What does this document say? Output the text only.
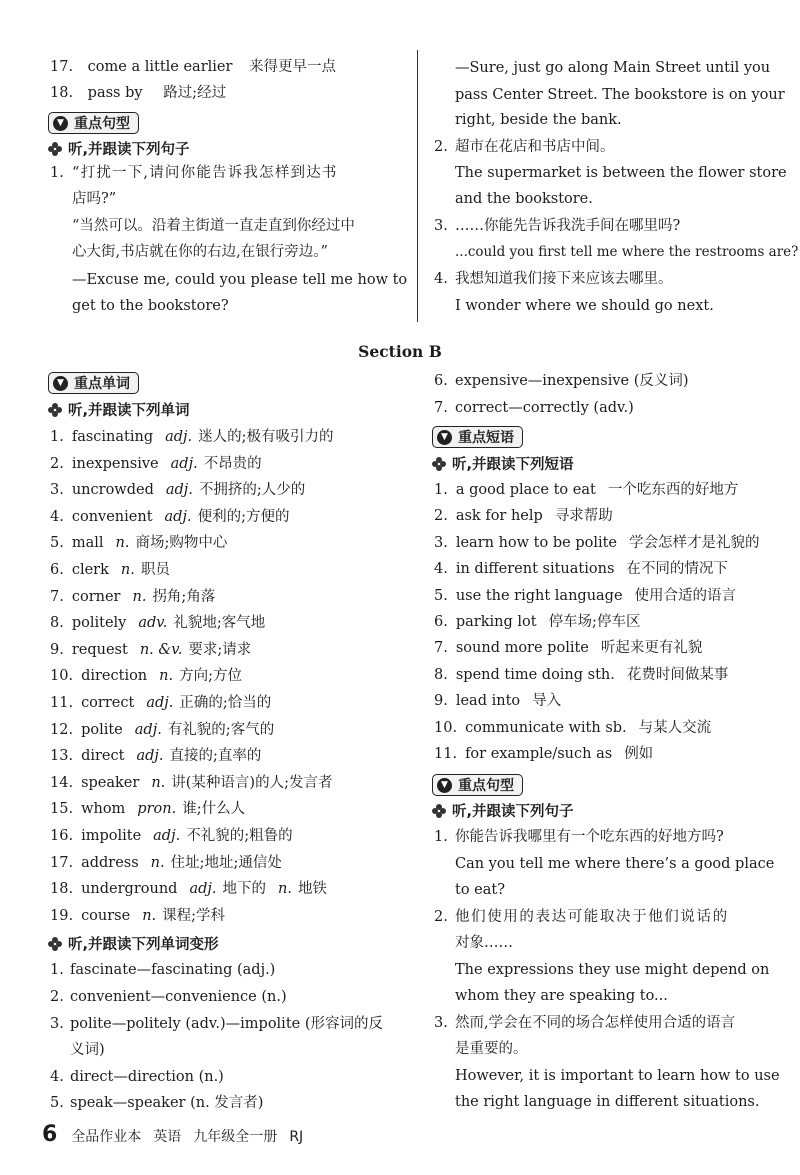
17. come a little earlier 来得更早一点
18. pass by 路过;经过
▼ 重点句型
听,并跟读下列句子
1. “打扰一下,请问你能告诉我怎样到达书
店吗?”
“当然可以。沿着主街道一直走直到你经过中
心大街,书店就在你的右边,在银行旁边。”
—Excuse me, could you please tell me how to
get to the bookstore?
—Sure, just go along Main Street until you
pass Center Street. The bookstore is on your
right, beside the bank.
2. 超市在花店和书店中间。
The supermarket is between the flower store
and the bookstore.
3. ……你能先告诉我洗手间在哪里吗?
...could you first tell me where the restrooms are?
4. 我想知道我们接下来应该去哪里。
I wonder where we should go next.
Section B
▼ 重点单词
听,并跟读下列单词
1. fascinating adj. 迷人的;极有吸引力的
2. inexpensive adj. 不昂贵的
3. uncrowded adj. 不拥挤的;人少的
4. convenient adj. 便利的;方便的
5. mall n. 商场;购物中心
6. clerk n. 职员
7. corner n. 拐角;角落
8. politely adv. 礼貌地;客气地
9. request n. &v. 要求;请求
10. direction n. 方向;方位
11. correct adj. 正确的;恰当的
12. polite adj. 有礼貌的;客气的
13. direct adj. 直接的;直率的
14. speaker n. 讲(某种语言)的人;发言者
15. whom pron. 谁;什么人
16. impolite adj. 不礼貌的;粗鲁的
17. address n. 住址;地址;通信处
18. underground adj. 地下的 n. 地铁
19. course n. 课程;学科
听,并跟读下列单词变形
1. fascinate—fascinating (adj.)
2. convenient—convenience (n.)
3. polite—politely (adv.)—impolite (形容词的反
义词)
4. direct—direction (n.)
5. speak—speaker (n. 发言者)
6. expensive—inexpensive (反义词)
7. correct—correctly (adv.)
▼ 重点短语
听,并跟读下列短语
1. a good place to eat 一个吃东西的好地方
2. ask for help 寻求帮助
3. learn how to be polite 学会怎样才是礼貌的
4. in different situations 在不同的情况下
5. use the right language 使用合适的语言
6. parking lot 停车场;停车区
7. sound more polite 听起来更有礼貌
8. spend time doing sth. 花费时间做某事
9. lead into 导入
10. communicate with sb. 与某人交流
11. for example/such as 例如
▼ 重点句型
听,并跟读下列句子
1. 你能告诉我哪里有一个吃东西的好地方吗?
Can you tell me where there’s a good place
to eat?
2. 他们使用的表达可能取决于他们说话的
对象……
The expressions they use might depend on
whom they are speaking to...
3. 然而,学会在不同的场合怎样使用合适的语言
是重要的。
However, it is important to learn how to use
the right language in different situations.
6 全品作业本 英语 九年级全一册 RJ
